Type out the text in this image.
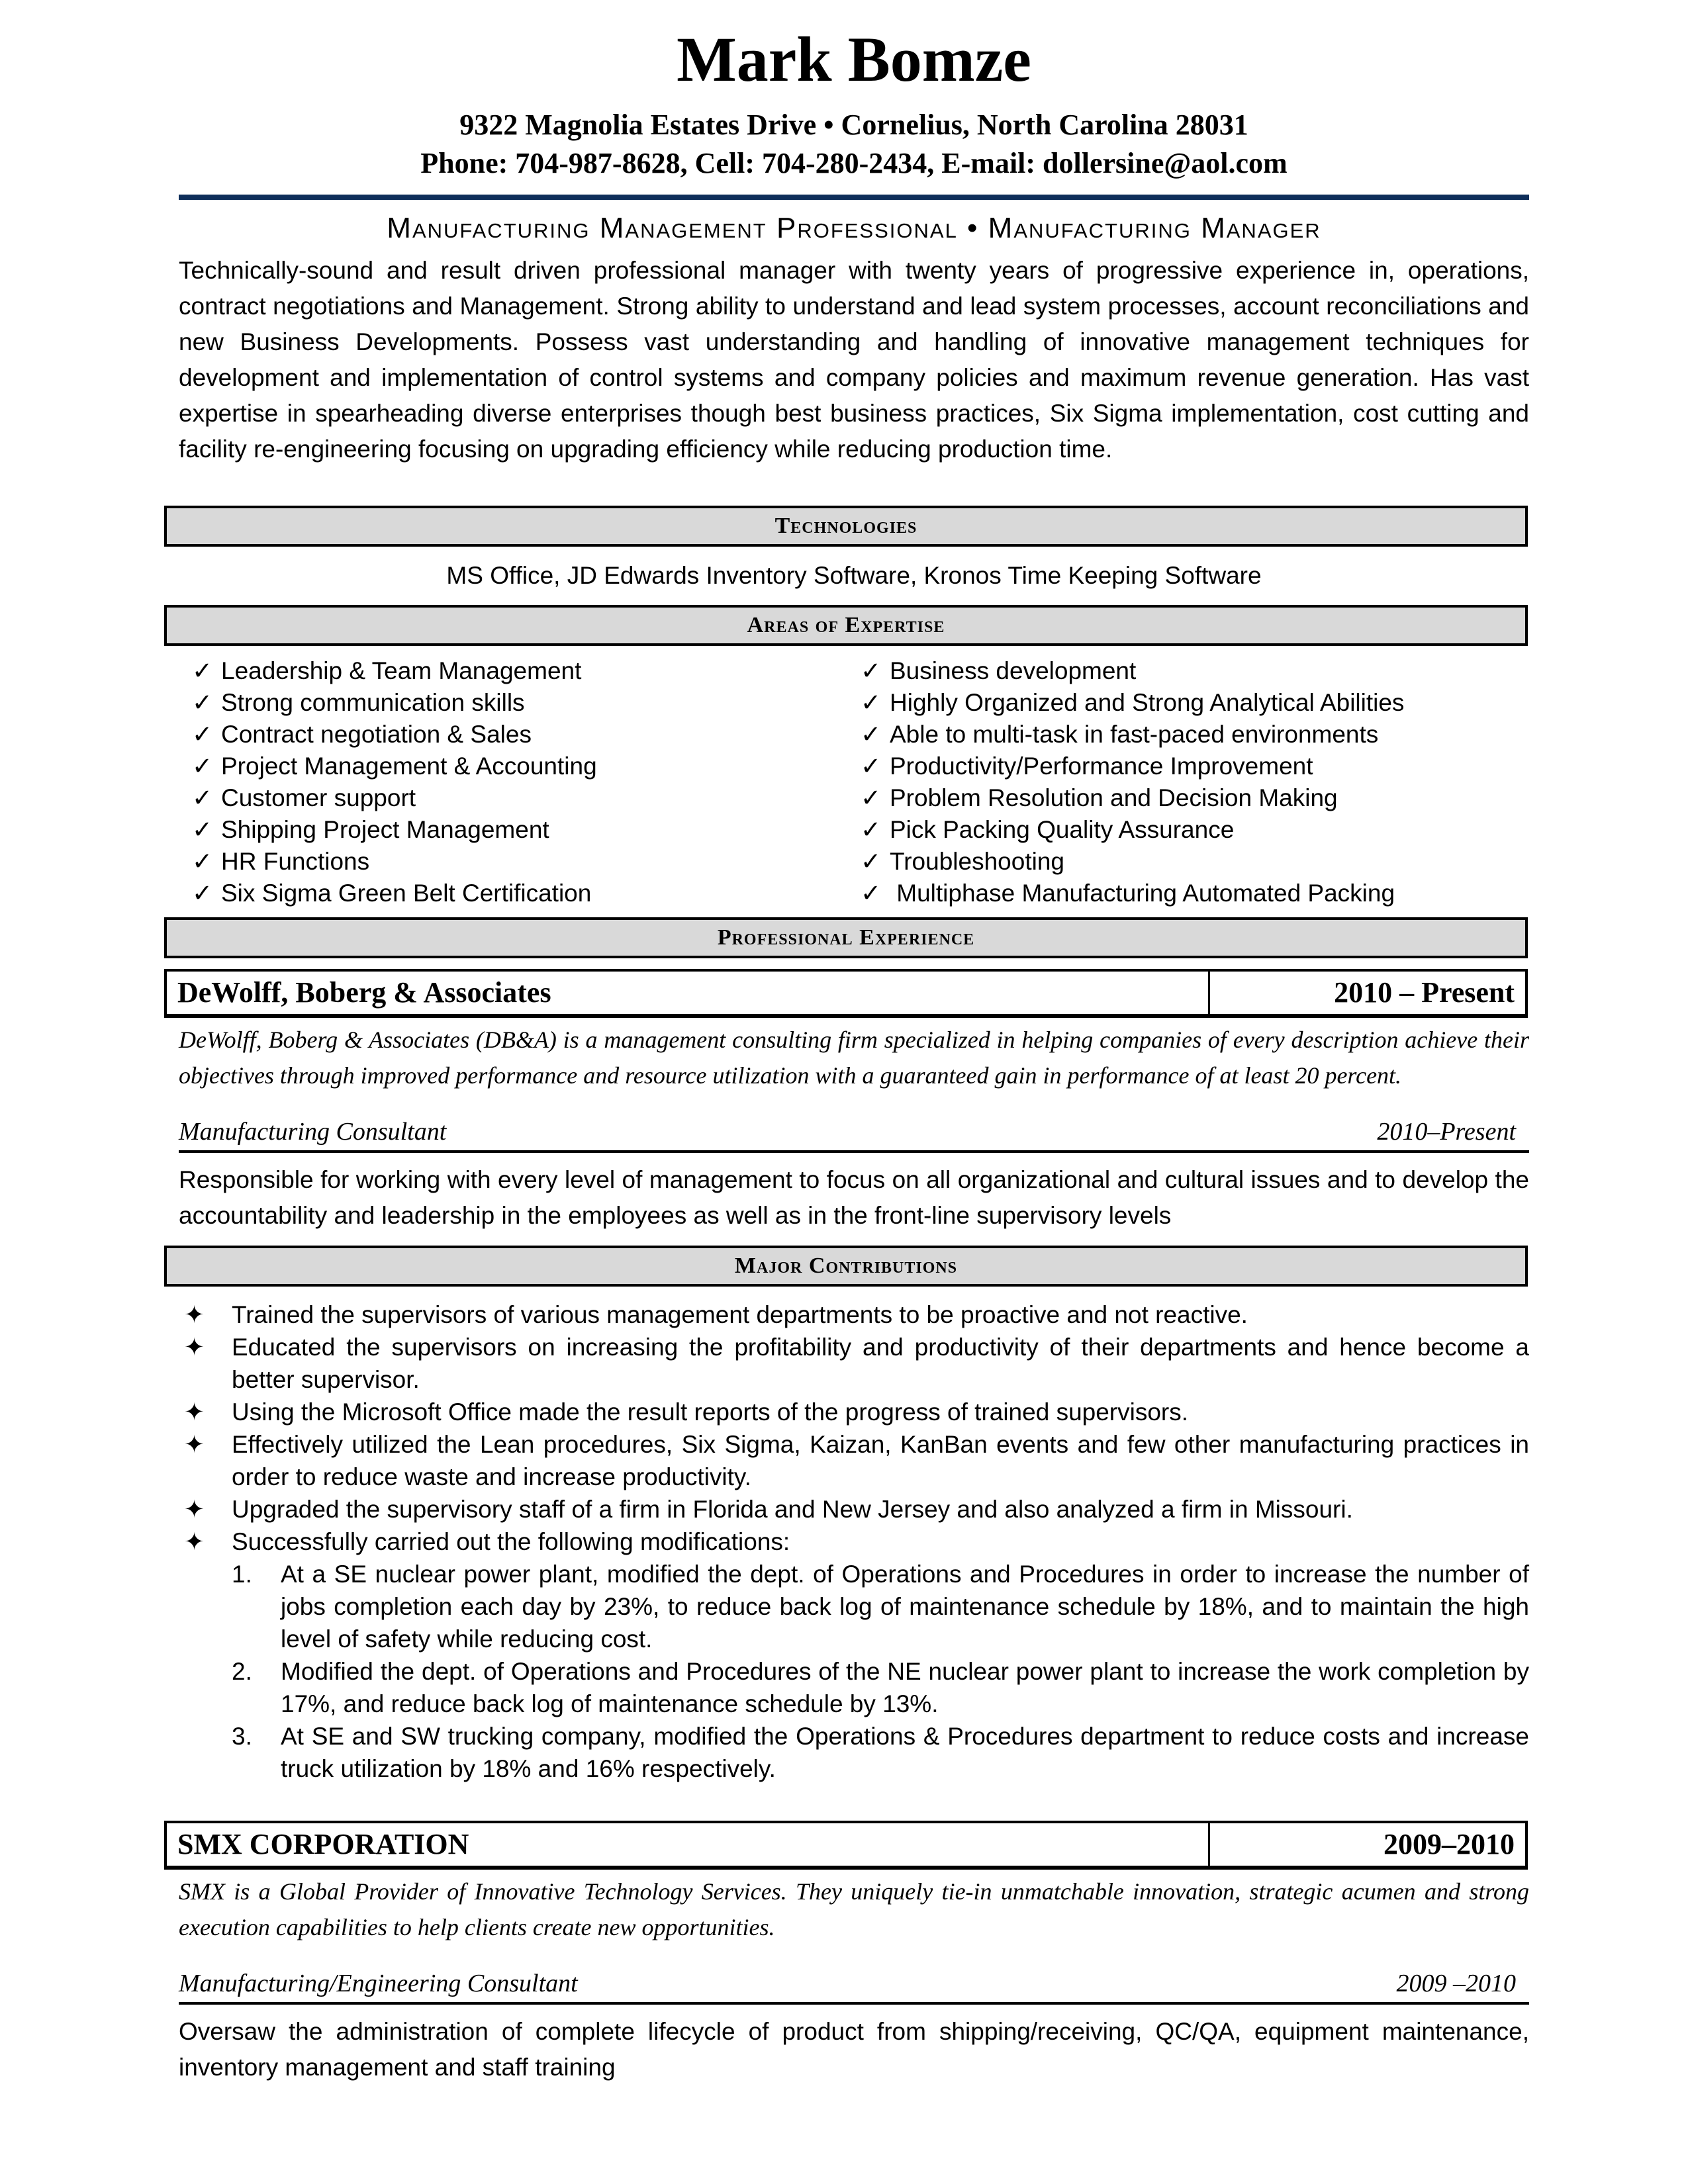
Mark Bomze
9322 Magnolia Estates Drive • Cornelius, North Carolina 28031
Phone: 704-987-8628, Cell: 704-280-2434, E-mail: dollersine@aol.com
Manufacturing Management Professional • Manufacturing Manager
Technically-sound and result driven professional manager with twenty years of progressive experience in, operations, contract negotiations and Management. Strong ability to understand and lead system processes, account reconciliations and new Business Developments. Possess vast understanding and handling of innovative management techniques for development and implementation of control systems and company policies and maximum revenue generation. Has vast expertise in spearheading diverse enterprises though best business practices, Six Sigma implementation, cost cutting and facility re-engineering focusing on upgrading efficiency while reducing production time.
Technologies
MS Office, JD Edwards Inventory Software, Kronos Time Keeping Software
Areas of Expertise
✓ Leadership & Team Management
✓ Strong communication skills
✓ Contract negotiation & Sales
✓ Project Management & Accounting
✓ Customer support
✓ Shipping Project Management
✓ HR Functions
✓ Six Sigma Green Belt Certification
✓ Business development
✓ Highly Organized and Strong Analytical Abilities
✓ Able to multi-task in fast-paced environments
✓ Productivity/Performance Improvement
✓ Problem Resolution and Decision Making
✓ Pick Packing Quality Assurance
✓ Troubleshooting
✓ Multiphase Manufacturing Automated Packing
Professional Experience
DeWolff, Boberg & Associates	2010 – Present
DeWolff, Boberg & Associates (DB&A) is a management consulting firm specialized in helping companies of every description achieve their objectives through improved performance and resource utilization with a guaranteed gain in performance of at least 20 percent.
Manufacturing Consultant	2010–Present
Responsible for working with every level of management to focus on all organizational and cultural issues and to develop the accountability and leadership in the employees as well as in the front-line supervisory levels
Major Contributions
✦	Trained the supervisors of various management departments to be proactive and not reactive.
✦	Educated the supervisors on increasing the profitability and productivity of their departments and hence become a better supervisor.
✦	Using the Microsoft Office made the result reports of the progress of trained supervisors.
✦	Effectively utilized the Lean procedures, Six Sigma, Kaizan, KanBan events and few other manufacturing practices in order to reduce waste and increase productivity.
✦	Upgraded the supervisory staff of a firm in Florida and New Jersey and also analyzed a firm in Missouri.
✦	Successfully carried out the following modifications:
1.	At a SE nuclear power plant, modified the dept. of Operations and Procedures in order to increase the number of jobs completion each day by 23%, to reduce back log of maintenance schedule by 18%, and to maintain the high level of safety while reducing cost.
2.	Modified the dept. of Operations and Procedures of the NE nuclear power plant to increase the work completion by 17%, and reduce back log of maintenance schedule by 13%.
3.	At SE and SW trucking company, modified the Operations & Procedures department to reduce costs and increase truck utilization by 18% and 16% respectively.
SMX CORPORATION	2009–2010
SMX is a Global Provider of Innovative Technology Services. They uniquely tie-in unmatchable innovation, strategic acumen and strong execution capabilities to help clients create new opportunities.
Manufacturing/Engineering Consultant	2009 –2010
Oversaw the administration of complete lifecycle of product from shipping/receiving, QC/QA, equipment maintenance, inventory management and staff training
